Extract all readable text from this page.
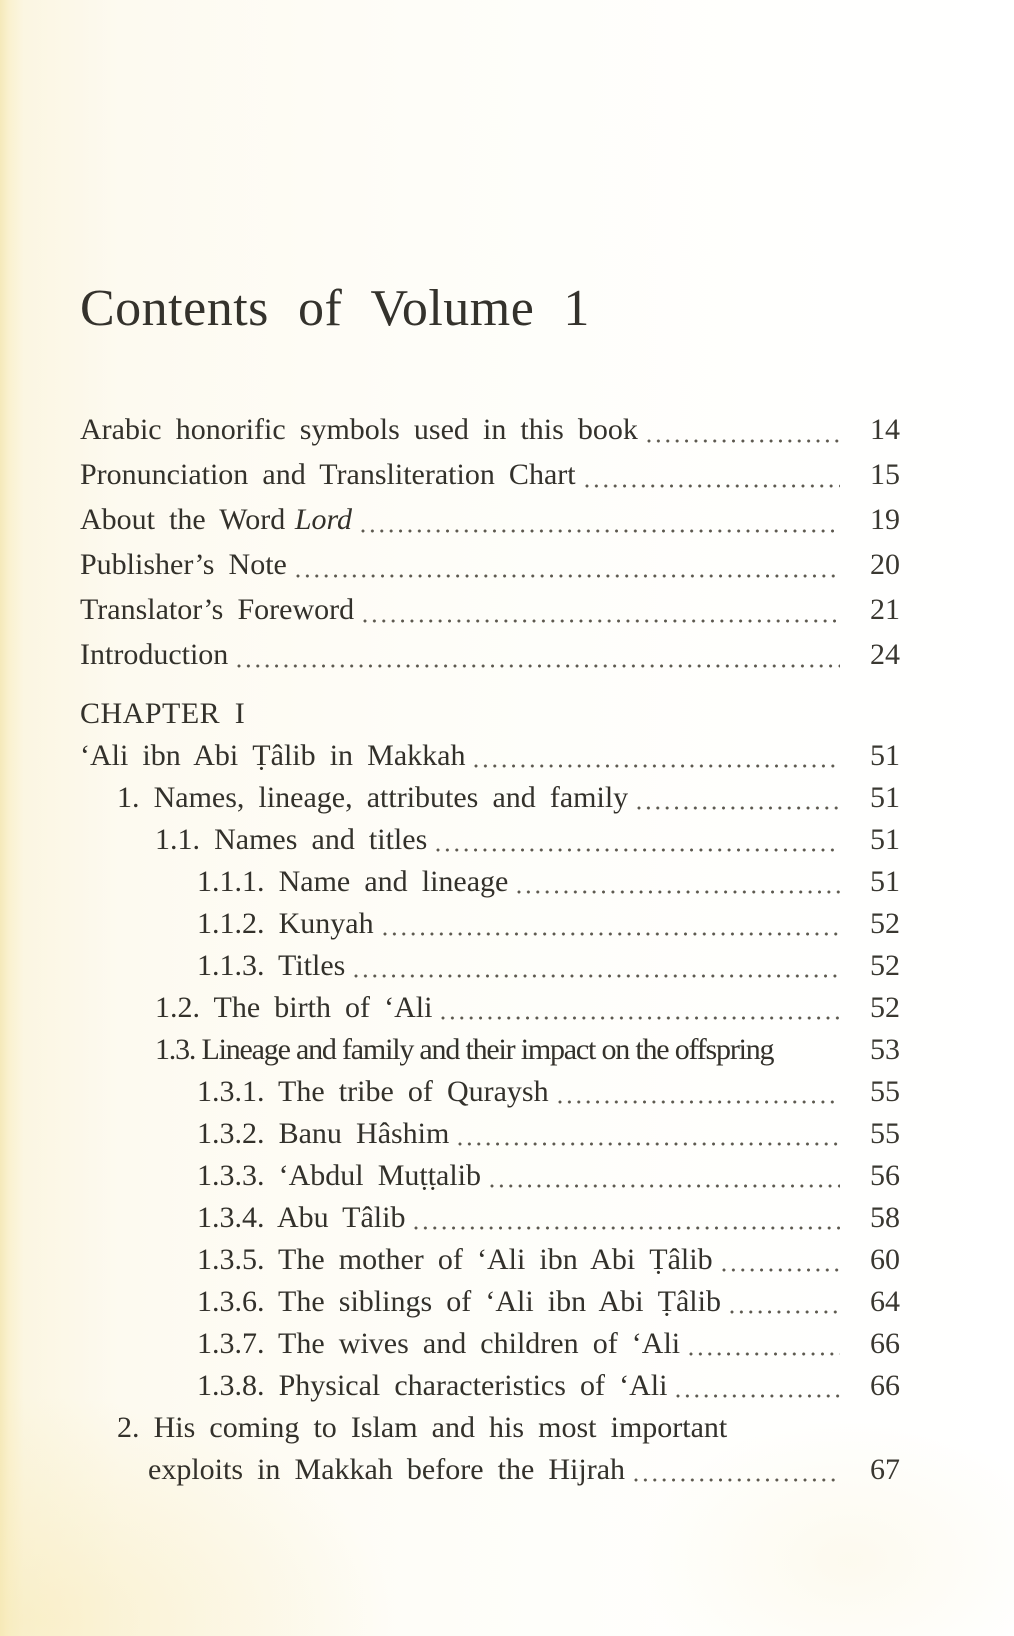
Contents of Volume 1
Arabic honorific symbols used in this book	14
Pronunciation and Transliteration Chart	15
About the Word Lord	19
Publisher’s Note	20
Translator’s Foreword	21
Introduction	24
CHAPTER I
‘Ali ibn Abi Ṭâlib in Makkah	51
1. Names, lineage, attributes and family	51
1.1. Names and titles	51
1.1.1. Name and lineage	51
1.1.2. Kunyah	52
1.1.3. Titles	52
1.2. The birth of ‘Ali	52
1.3. Lineage and family and their impact on the offspring	53
1.3.1. The tribe of Quraysh	55
1.3.2. Banu Hâshim	55
1.3.3. ‘Abdul Muṭṭalib	56
1.3.4. Abu Tâlib	58
1.3.5. The mother of ‘Ali ibn Abi Ṭâlib	60
1.3.6. The siblings of ‘Ali ibn Abi Ṭâlib	64
1.3.7. The wives and children of ‘Ali	66
1.3.8. Physical characteristics of ‘Ali	66
2. His coming to Islam and his most important
exploits in Makkah before the Hijrah	67
